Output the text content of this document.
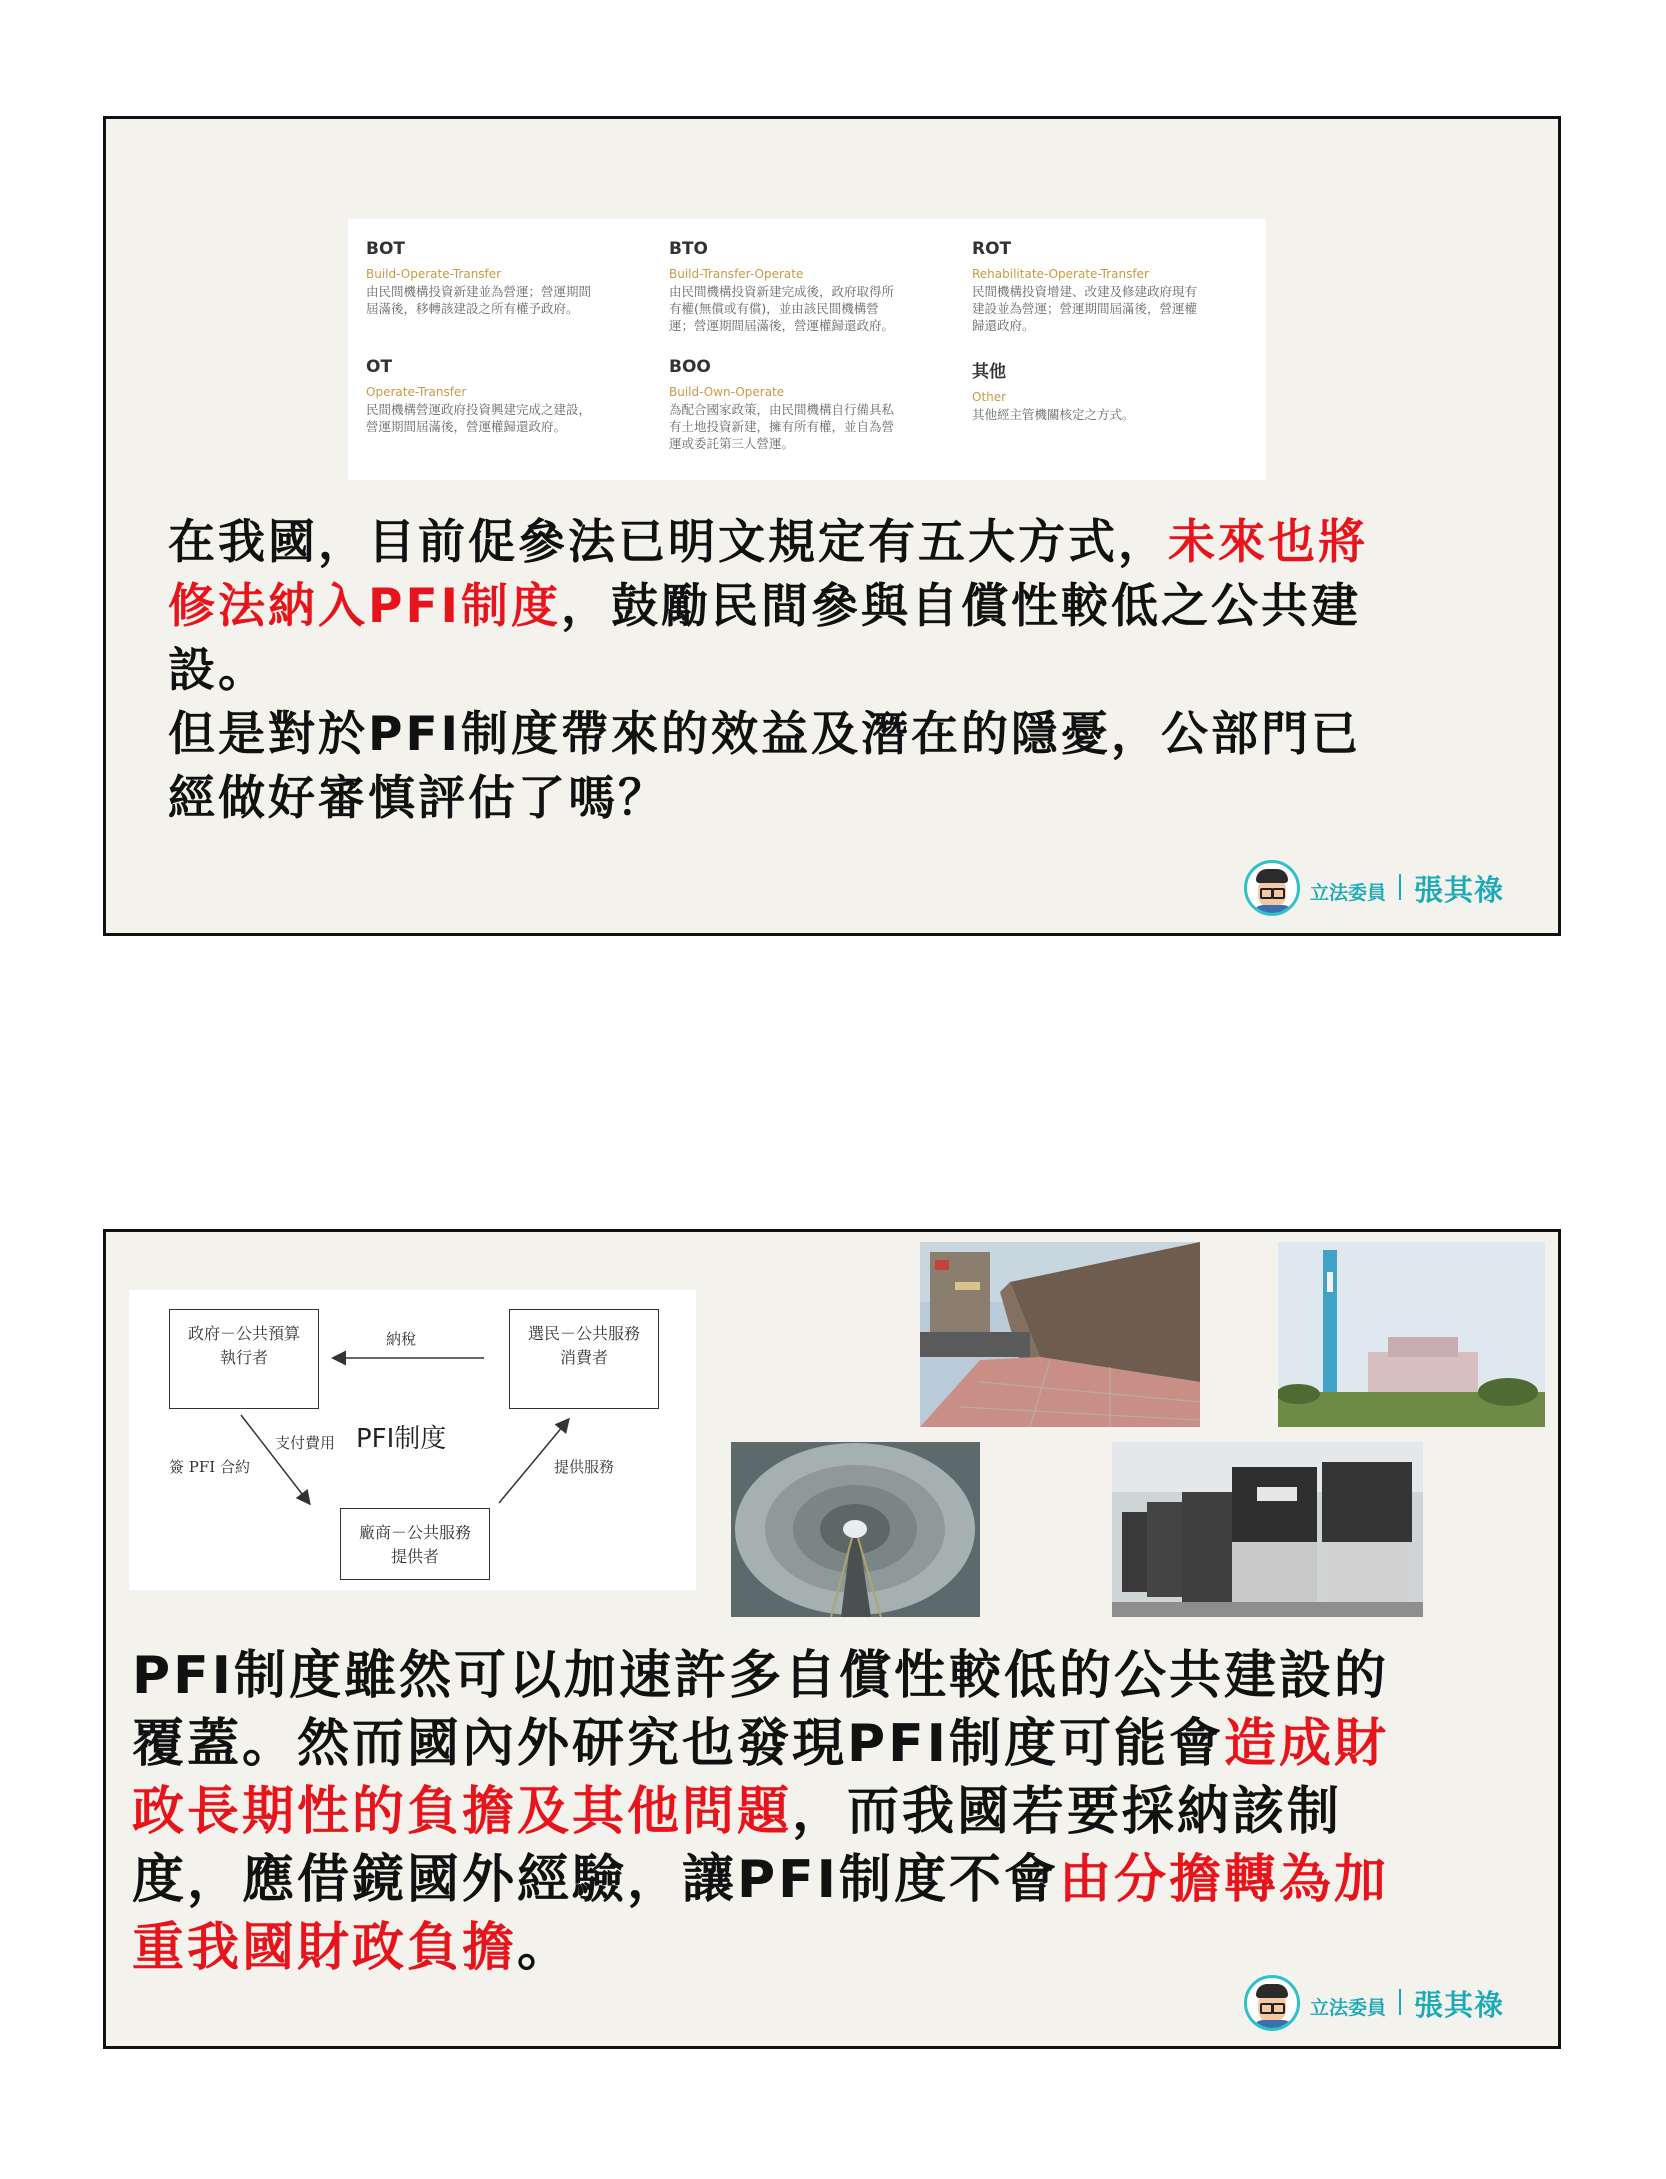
BOT
Build-Operate-Transfer
由民間機構投資新建並為營運；營運期間
屆滿後，移轉該建設之所有權予政府。
BTO
Build-Transfer-Operate
由民間機構投資新建完成後，政府取得所
有權(無償或有償)，並由該民間機構營
運；營運期間屆滿後，營運權歸還政府。
ROT
Rehabilitate-Operate-Transfer
民間機構投資增建、改建及修建政府現有
建設並為營運；營運期間屆滿後，營運權
歸還政府。
OT
Operate-Transfer
民間機構營運政府投資興建完成之建設，
營運期間屆滿後，營運權歸還政府。
BOO
Build-Own-Operate
為配合國家政策，由民間機構自行備具私
有土地投資新建，擁有所有權，並自為營
運或委託第三人營運。
其他
Other
其他經主管機關核定之方式。
在我國，目前促參法已明文規定有五大方式，未來也將
修法納入PFI制度，鼓勵民間參與自償性較低之公共建
設。
但是對於PFI制度帶來的效益及潛在的隱憂，公部門已
經做好審慎評估了嗎？
立法委員 張其祿
政府－公共預算
執行者
選民－公共服務
消費者
廠商－公共服務
提供者
納稅
支付費用
簽 PFI 合約	提供服務
PFI制度
PFI制度雖然可以加速許多自償性較低的公共建設的
覆蓋。然而國內外研究也發現PFI制度可能會造成財
政長期性的負擔及其他問題，而我國若要採納該制
度，應借鏡國外經驗，讓PFI制度不會由分擔轉為加
重我國財政負擔。
立法委員 張其祿
